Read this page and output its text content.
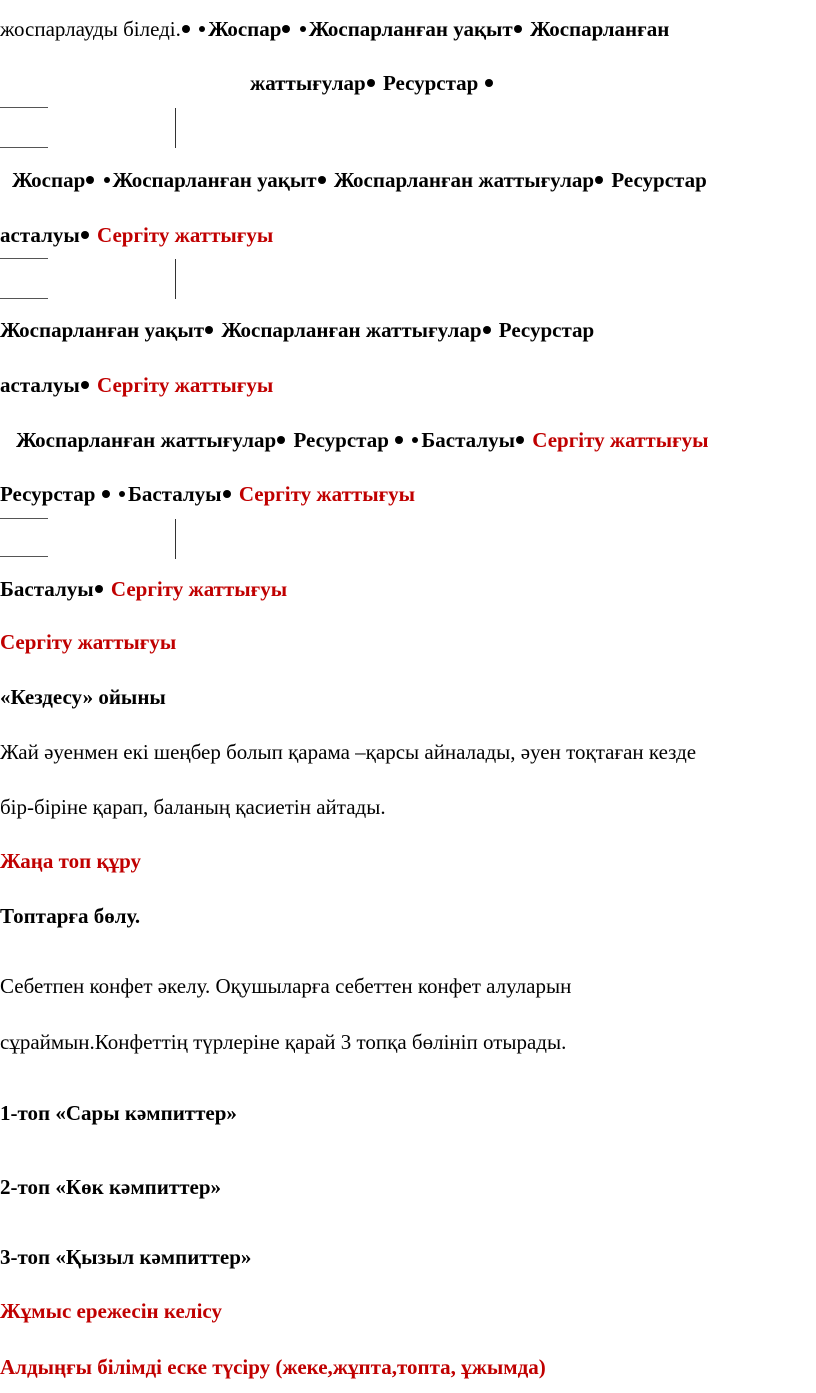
жоспарлауды біледі. Жоспар Жоспарланған уақыт Жоспарланған
жаттығулар Ресурстар
Жоспар Жоспарланған уақыт Жоспарланған жаттығулар Ресурстар
асталуы Сергіту жаттығуы
Жоспарланған уақыт Жоспарланған жаттығулар Ресурстар
асталуы Сергіту жаттығуы
Жоспарланған жаттығулар Ресурстар Басталуы Сергіту жаттығуы
Ресурстар Басталуы Сергіту жаттығуы
Басталуы Сергіту жаттығуы
Сергіту жаттығуы
«Кездесу» ойыны
Жай әуенмен екі шеңбер болып қарама –қарсы айналады, әуен тоқтаған кезде
бір-біріне қарап, баланың қасиетін айтады.
Жаңа топ құру
Топтарға бөлу.
Себетпен конфет әкелу. Оқушыларға себеттен конфет алуларын
сұраймын.Конфеттің түрлеріне қарай 3 топқа бөлініп отырады.
1-топ «Сары кәмпиттер»
2-топ «Көк кәмпиттер»
3-топ «Қызыл кәмпиттер»
Жұмыс ережесін келісу
Алдыңғы білімді еске түсіру (жеке,жұпта,топта, ұжымда)
